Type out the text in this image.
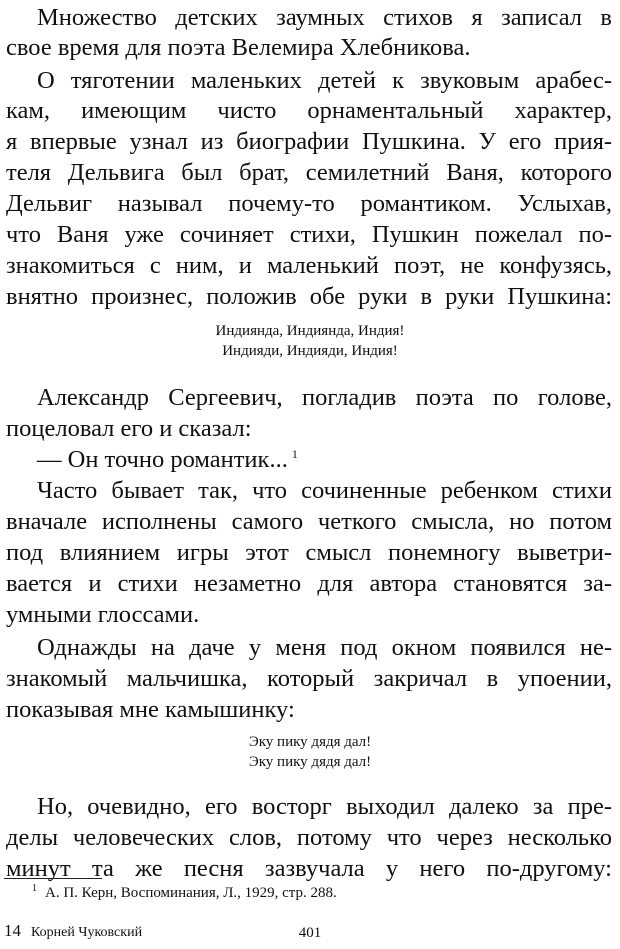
Множество детских заумных стихов я записал в
свое время для поэта Велемира Хлебникова.
О тяготении маленьких детей к звуковым арабес-
кам, имеющим чисто орнаментальный характер,
я впервые узнал из биографии Пушкина. У его прия-
теля Дельвига был брат, семилетний Ваня, которого
Дельвиг называл почему-то романтиком. Услыхав,
что Ваня уже сочиняет стихи, Пушкин пожелал по-
знакомиться с ним, и маленький поэт, не конфузясь,
внятно произнес, положив обе руки в руки Пушкина:
Индиянда, Индиянда, Индия!
Индияди, Индияди, Индия!
Александр Сергеевич, погладив поэта по голове,
поцеловал его и сказал:
— Он точно романтик... $^1$
Часто бывает так, что сочиненные ребенком стихи
вначале исполнены самого четкого смысла, но потом
под влиянием игры этот смысл понемногу выветри-
вается и стихи незаметно для автора становятся за-
умными глоссами.
Однажды на даче у меня под окном появился не-
знакомый мальчишка, который закричал в упоении,
показывая мне камышинку:
Эку пику дядя дал!
Эку пику дядя дал!
Но, очевидно, его восторг выходил далеко за пре-
делы человеческих слов, потому что через несколько
минут та же песня зазвучала у него по-другому:
$^1$ А. П. Керн, Воспоминания, Л., 1929, стр. 288.
14 Корней Чуковский	401
